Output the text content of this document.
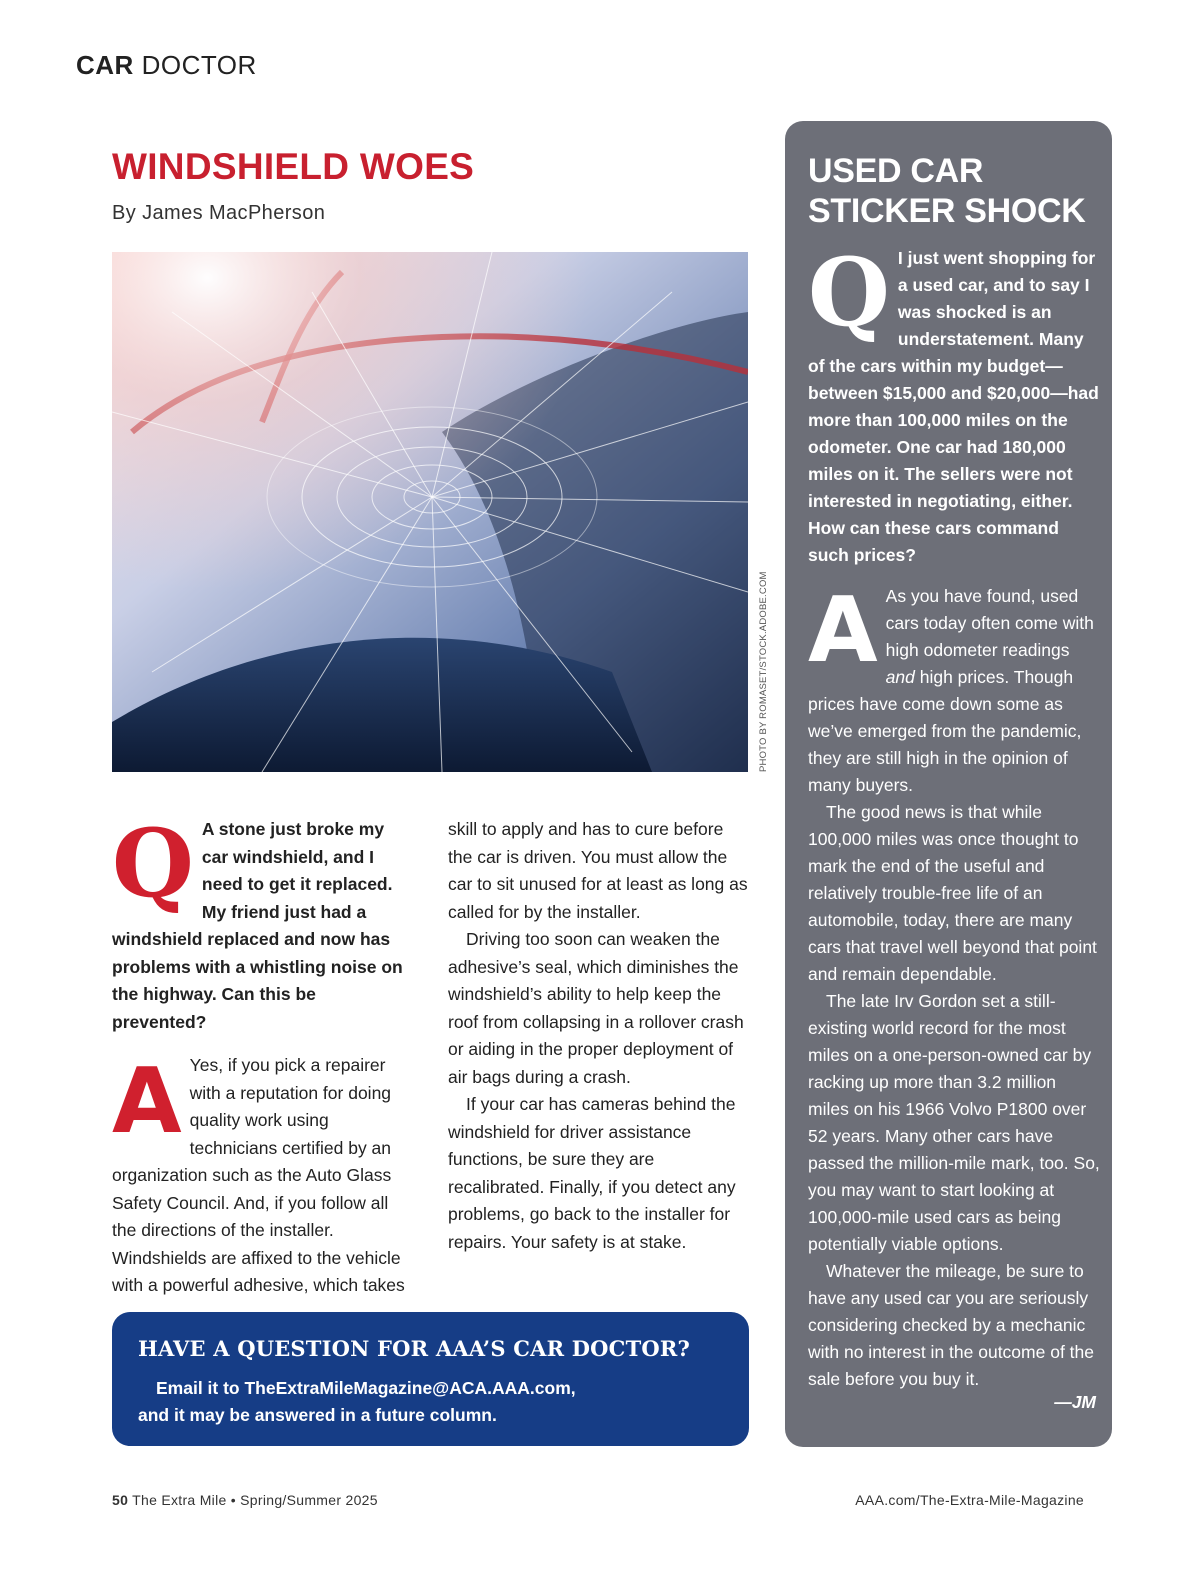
CAR DOCTOR
WINDSHIELD WOES
By James MacPherson
PHOTO BY ROMASET/STOCK.ADOBE.COM
Q A stone just broke my car windshield, and I need to get it replaced. My friend just had a windshield replaced and now has problems with a whistling noise on the highway. Can this be prevented?
A Yes, if you pick a repairer with a reputation for doing quality work using technicians certified by an organization such as the Auto Glass Safety Council. And, if you follow all the directions of the installer. Windshields are affixed to the vehicle with a powerful adhesive, which takes
skill to apply and has to cure before the car is driven. You must allow the car to sit unused for at least as long as called for by the installer.
Driving too soon can weaken the adhesive’s seal, which diminishes the windshield’s ability to help keep the roof from collapsing in a rollover crash or aiding in the proper deployment of air bags during a crash.
If your car has cameras behind the windshield for driver assistance functions, be sure they are recalibrated. Finally, if you detect any problems, go back to the installer for repairs. Your safety is at stake.
HAVE A QUESTION FOR AAA’S CAR DOCTOR?
Email it to TheExtraMileMagazine@ACA.AAA.com,
and it may be answered in a future column.
USED CAR STICKER SHOCK
Q I just went shopping for a used car, and to say I was shocked is an understatement. Many of the cars within my budget—between $15,000 and $20,000—had more than 100,000 miles on the odometer. One car had 180,000 miles on it. The sellers were not interested in negotiating, either. How can these cars command such prices?
A As you have found, used cars today often come with high odometer readings and high prices. Though prices have come down some as we’ve emerged from the pandemic, they are still high in the opinion of many buyers.
The good news is that while 100,000 miles was once thought to mark the end of the useful and relatively trouble-free life of an automobile, today, there are many cars that travel well beyond that point and remain dependable.
The late Irv Gordon set a still-existing world record for the most miles on a one-person-owned car by racking up more than 3.2 million miles on his 1966 Volvo P1800 over 52 years. Many other cars have passed the million-mile mark, too. So, you may want to start looking at 100,000-mile used cars as being potentially viable options.
Whatever the mileage, be sure to have any used car you are seriously considering checked by a mechanic with no interest in the outcome of the sale before you buy it.
—JM
50 The Extra Mile • Spring/Summer 2025	AAA.com/The-Extra-Mile-Magazine
